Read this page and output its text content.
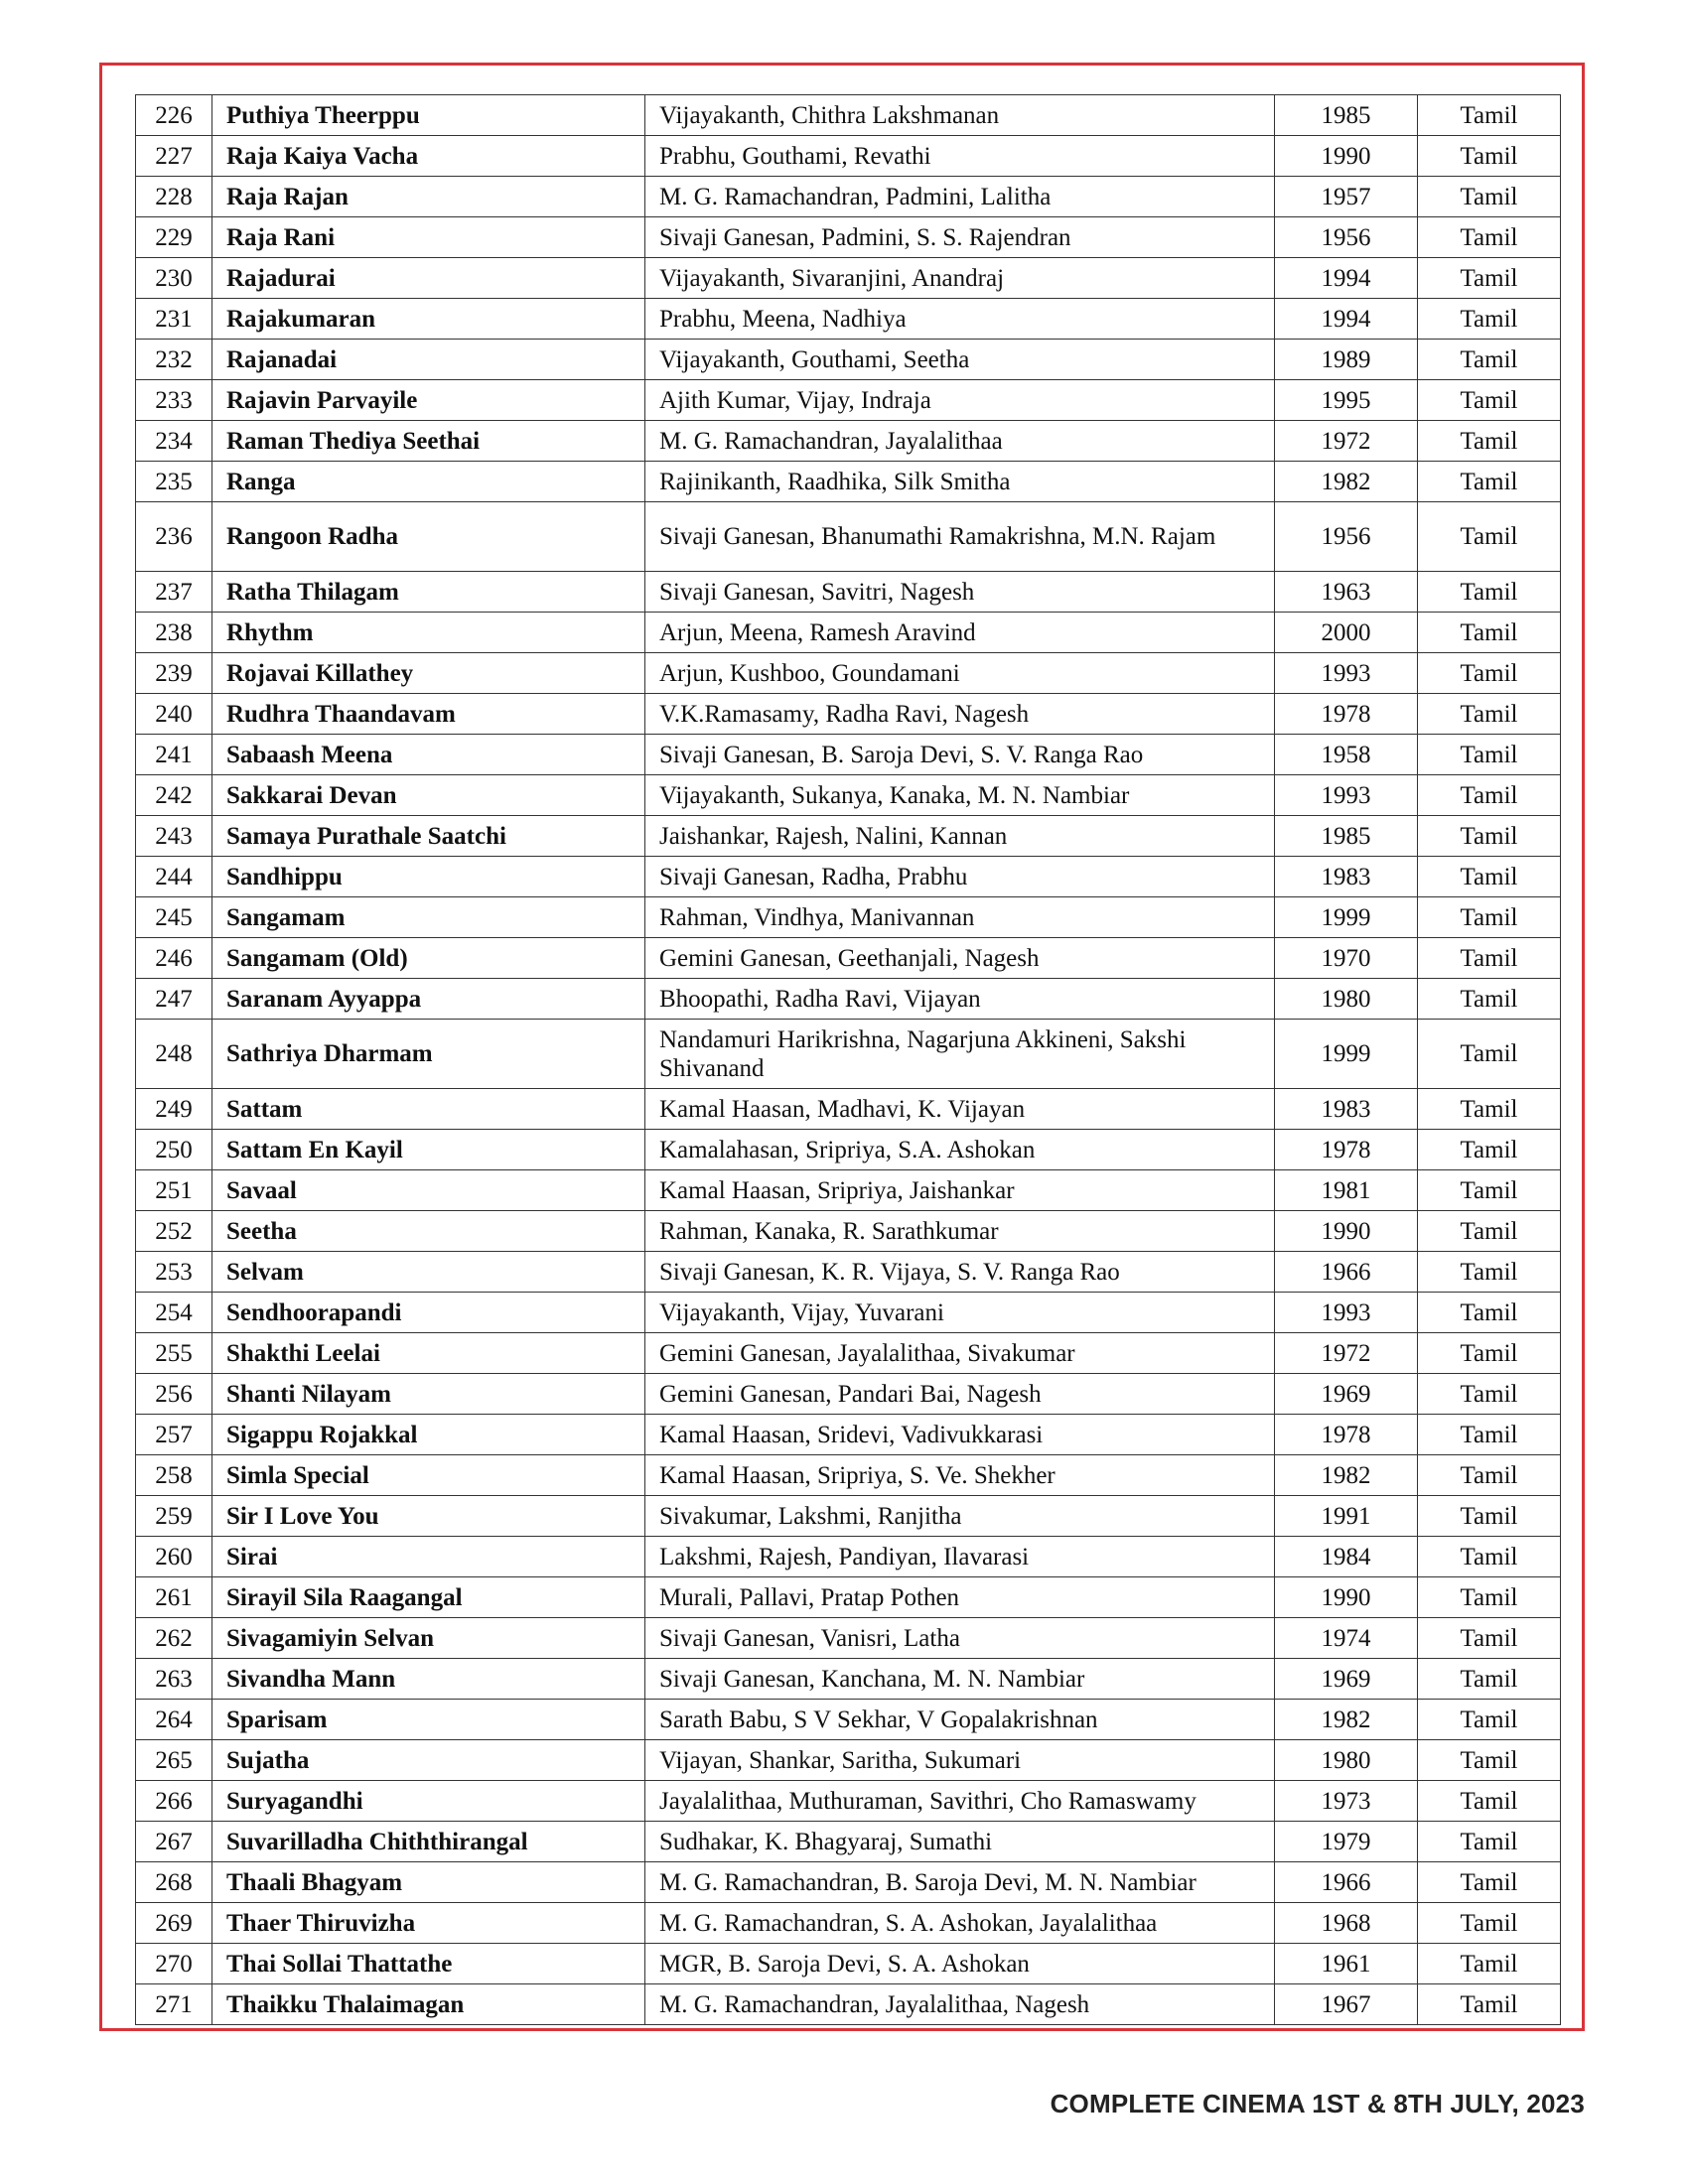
226	Puthiya Theerppu	Vijayakanth, Chithra Lakshmanan	1985	Tamil
227	Raja Kaiya Vacha	Prabhu, Gouthami, Revathi	1990	Tamil
228	Raja Rajan	M. G. Ramachandran, Padmini, Lalitha	1957	Tamil
229	Raja Rani	Sivaji Ganesan, Padmini, S. S. Rajendran	1956	Tamil
230	Rajadurai	Vijayakanth, Sivaranjini, Anandraj	1994	Tamil
231	Rajakumaran	Prabhu, Meena, Nadhiya	1994	Tamil
232	Rajanadai	Vijayakanth, Gouthami, Seetha	1989	Tamil
233	Rajavin Parvayile	Ajith Kumar, Vijay, Indraja	1995	Tamil
234	Raman Thediya Seethai	M. G. Ramachandran, Jayalalithaa	1972	Tamil
235	Ranga	Rajinikanth, Raadhika, Silk Smitha	1982	Tamil
236	Rangoon Radha	Sivaji Ganesan, Bhanumathi Ramakrishna, M.N. Rajam	1956	Tamil
237	Ratha Thilagam	Sivaji Ganesan, Savitri, Nagesh	1963	Tamil
238	Rhythm	Arjun, Meena, Ramesh Aravind	2000	Tamil
239	Rojavai Killathey	Arjun, Kushboo, Goundamani	1993	Tamil
240	Rudhra Thaandavam	V.K.Ramasamy, Radha Ravi, Nagesh	1978	Tamil
241	Sabaash Meena	Sivaji Ganesan, B. Saroja Devi, S. V. Ranga Rao	1958	Tamil
242	Sakkarai Devan	Vijayakanth, Sukanya, Kanaka, M. N. Nambiar	1993	Tamil
243	Samaya Purathale Saatchi	Jaishankar, Rajesh, Nalini, Kannan	1985	Tamil
244	Sandhippu	Sivaji Ganesan, Radha, Prabhu	1983	Tamil
245	Sangamam	Rahman, Vindhya, Manivannan	1999	Tamil
246	Sangamam (Old)	Gemini Ganesan, Geethanjali, Nagesh	1970	Tamil
247	Saranam Ayyappa	Bhoopathi, Radha Ravi, Vijayan	1980	Tamil
248	Sathriya Dharmam	Nandamuri Harikrishna, Nagarjuna Akkineni, Sakshi Shivanand	1999	Tamil
249	Sattam	Kamal Haasan, Madhavi, K. Vijayan	1983	Tamil
250	Sattam En Kayil	Kamalahasan, Sripriya, S.A. Ashokan	1978	Tamil
251	Savaal	Kamal Haasan, Sripriya, Jaishankar	1981	Tamil
252	Seetha	Rahman, Kanaka, R. Sarathkumar	1990	Tamil
253	Selvam	Sivaji Ganesan, K. R. Vijaya, S. V. Ranga Rao	1966	Tamil
254	Sendhoorapandi	Vijayakanth, Vijay, Yuvarani	1993	Tamil
255	Shakthi Leelai	Gemini Ganesan, Jayalalithaa, Sivakumar	1972	Tamil
256	Shanti Nilayam	Gemini Ganesan, Pandari Bai, Nagesh	1969	Tamil
257	Sigappu Rojakkal	Kamal Haasan, Sridevi, Vadivukkarasi	1978	Tamil
258	Simla Special	Kamal Haasan, Sripriya, S. Ve. Shekher	1982	Tamil
259	Sir I Love You	Sivakumar, Lakshmi, Ranjitha	1991	Tamil
260	Sirai	Lakshmi, Rajesh, Pandiyan, Ilavarasi	1984	Tamil
261	Sirayil Sila Raagangal	Murali, Pallavi, Pratap Pothen	1990	Tamil
262	Sivagamiyin Selvan	Sivaji Ganesan, Vanisri, Latha	1974	Tamil
263	Sivandha Mann	Sivaji Ganesan, Kanchana, M. N. Nambiar	1969	Tamil
264	Sparisam	Sarath Babu, S V Sekhar, V Gopalakrishnan	1982	Tamil
265	Sujatha	Vijayan, Shankar, Saritha, Sukumari	1980	Tamil
266	Suryagandhi	Jayalalithaa, Muthuraman, Savithri, Cho Ramaswamy	1973	Tamil
267	Suvarilladha Chiththirangal	Sudhakar, K. Bhagyaraj, Sumathi	1979	Tamil
268	Thaali Bhagyam	M. G. Ramachandran, B. Saroja Devi, M. N. Nambiar	1966	Tamil
269	Thaer Thiruvizha	M. G. Ramachandran, S. A. Ashokan, Jayalalithaa	1968	Tamil
270	Thai Sollai Thattathe	MGR, B. Saroja Devi, S. A. Ashokan	1961	Tamil
271	Thaikku Thalaimagan	M. G. Ramachandran, Jayalalithaa, Nagesh	1967	Tamil
COMPLETE CINEMA 1ST & 8TH JULY, 2023
